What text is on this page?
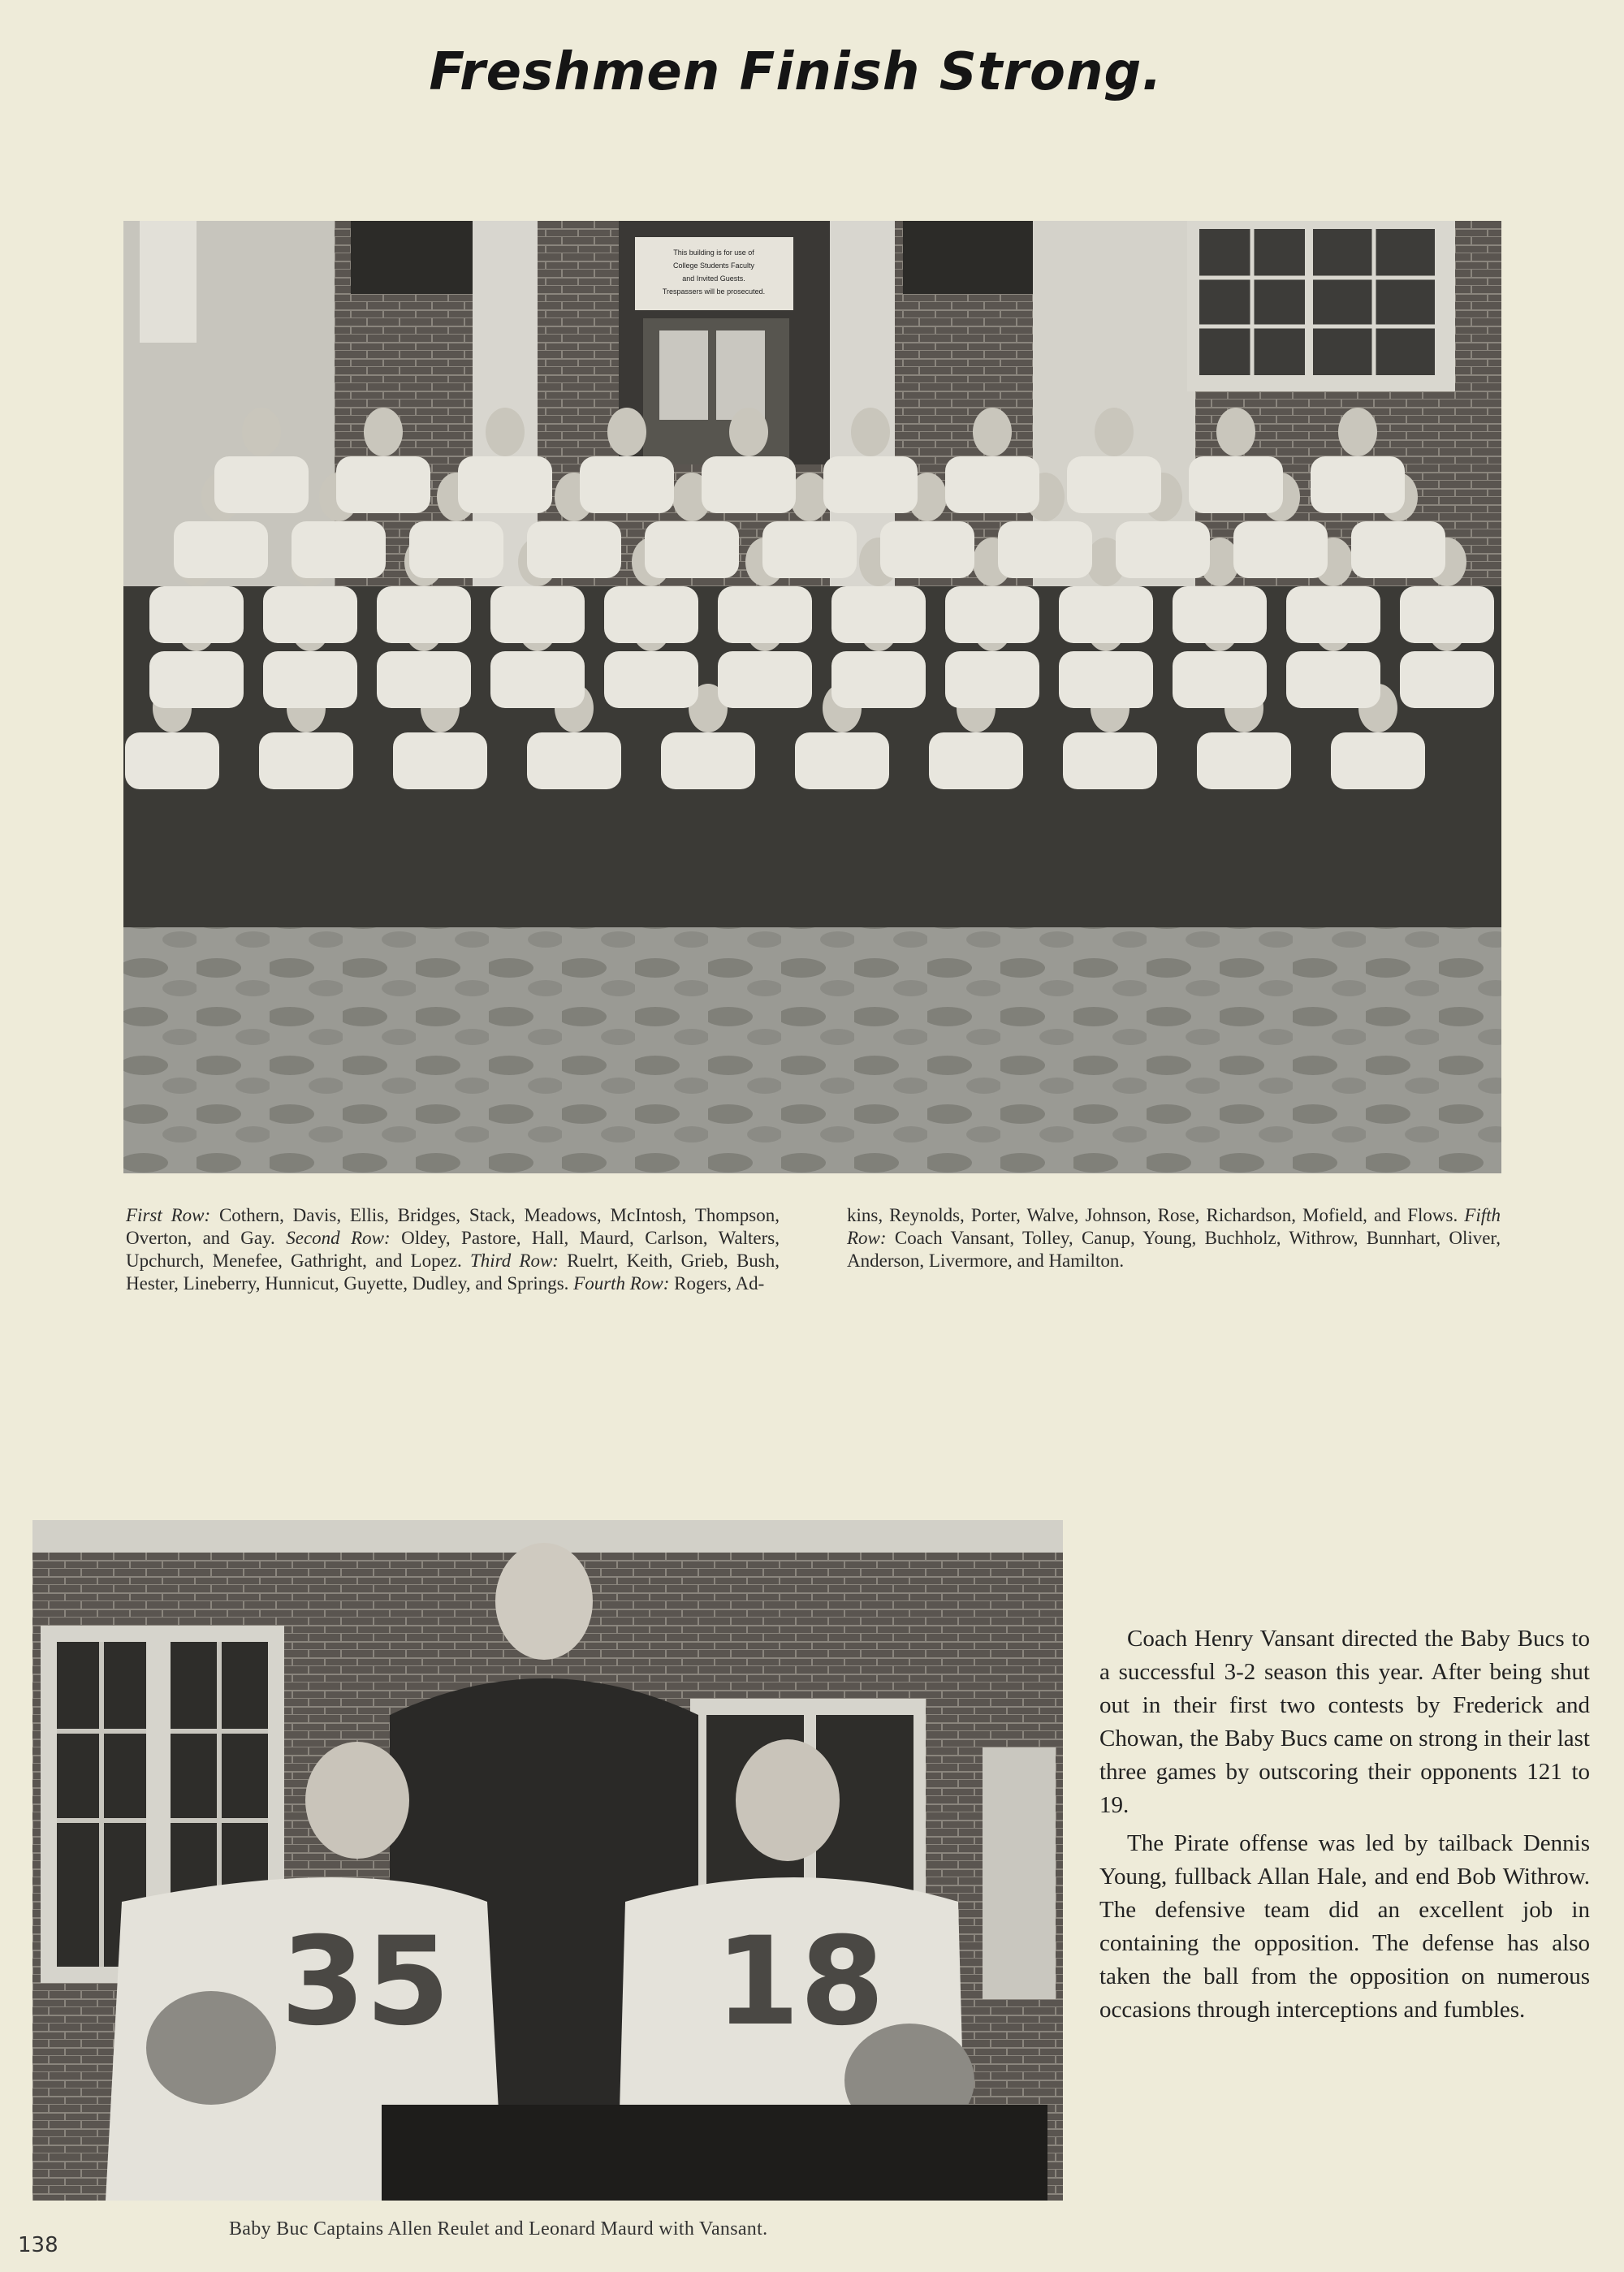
Freshmen Finish Strong.
This building is for use of
College Students Faculty
and Invited Guests.
Trespassers will be prosecuted.
First Row: Cothern, Davis, Ellis, Bridges, Stack, Meadows, McIntosh, Thompson, Overton, and Gay. Second Row: Oldey, Pastore, Hall, Maurd, Carlson, Walters, Upchurch, Menefee, Gathright, and Lopez. Third Row: Ruelrt, Keith, Grieb, Bush, Hester, Lineberry, Hunnicut, Guyette, Dudley, and Springs. Fourth Row: Rogers, Ad-
kins, Reynolds, Porter, Walve, Johnson, Rose, Richardson, Mofield, and Flows. Fifth Row: Coach Vansant, Tolley, Canup, Young, Buchholz, Withrow, Bunnhart, Oliver, Anderson, Livermore, and Hamilton.
35 18

Coach Henry Vansant directed the Baby Bucs to a successful 3-2 season this year. After being shut out in their first two contests by Frederick and Chowan, the Baby Bucs came on strong in their last three games by outscoring their opponents 121 to 19.

The Pirate offense was led by tailback Dennis Young, fullback Allan Hale, and end Bob Withrow. The defensive team did an excellent job in containing the opposition. The defense has also taken the ball from the opposition on numerous occasions through interceptions and fumbles.

Baby Buc Captains Allen Reulet and Leonard Maurd with Vansant.
138
